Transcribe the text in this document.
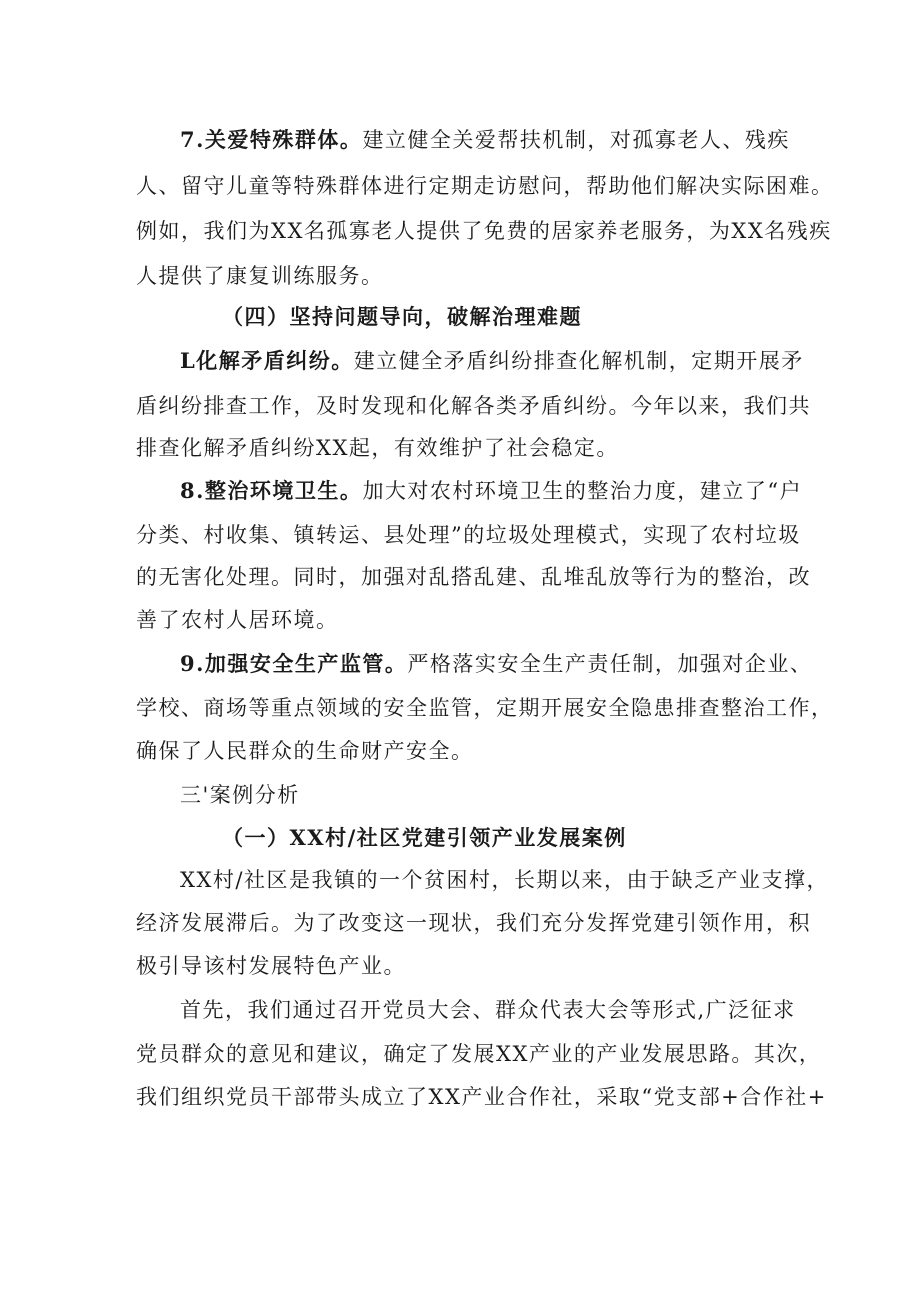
7.关爱特殊群体。建立健全关爱帮扶机制，对孤寡老人、残疾
人、留守儿童等特殊群体进行定期走访慰问，帮助他们解决实际困难。
例如，我们为XX名孤寡老人提供了免费的居家养老服务，为XX名残疾
人提供了康复训练服务。
（四）坚持问题导向，破解治理难题
L化解矛盾纠纷。建立健全矛盾纠纷排查化解机制，定期开展矛
盾纠纷排查工作，及时发现和化解各类矛盾纠纷。今年以来，我们共
排查化解矛盾纠纷XX起，有效维护了社会稳定。
8.整治环境卫生。加大对农村环境卫生的整治力度，建立了“户
分类、村收集、镇转运、县处理”的垃圾处理模式，实现了农村垃圾
的无害化处理。同时，加强对乱搭乱建、乱堆乱放等行为的整治，改
善了农村人居环境。
9.加强安全生产监管。严格落实安全生产责任制，加强对企业、
学校、商场等重点领域的安全监管，定期开展安全隐患排查整治工作，
确保了人民群众的生命财产安全。
三'案例分析
（一）XX村/社区党建引领产业发展案例
XX村/社区是我镇的一个贫困村，长期以来，由于缺乏产业支撑，
经济发展滞后。为了改变这一现状，我们充分发挥党建引领作用，积
极引导该村发展特色产业。
首先，我们通过召开党员大会、群众代表大会等形式,广泛征求
党员群众的意见和建议，确定了发展XX产业的产业发展思路。其次，
我们组织党员干部带头成立了XX产业合作社，采取“党支部+合作社+
